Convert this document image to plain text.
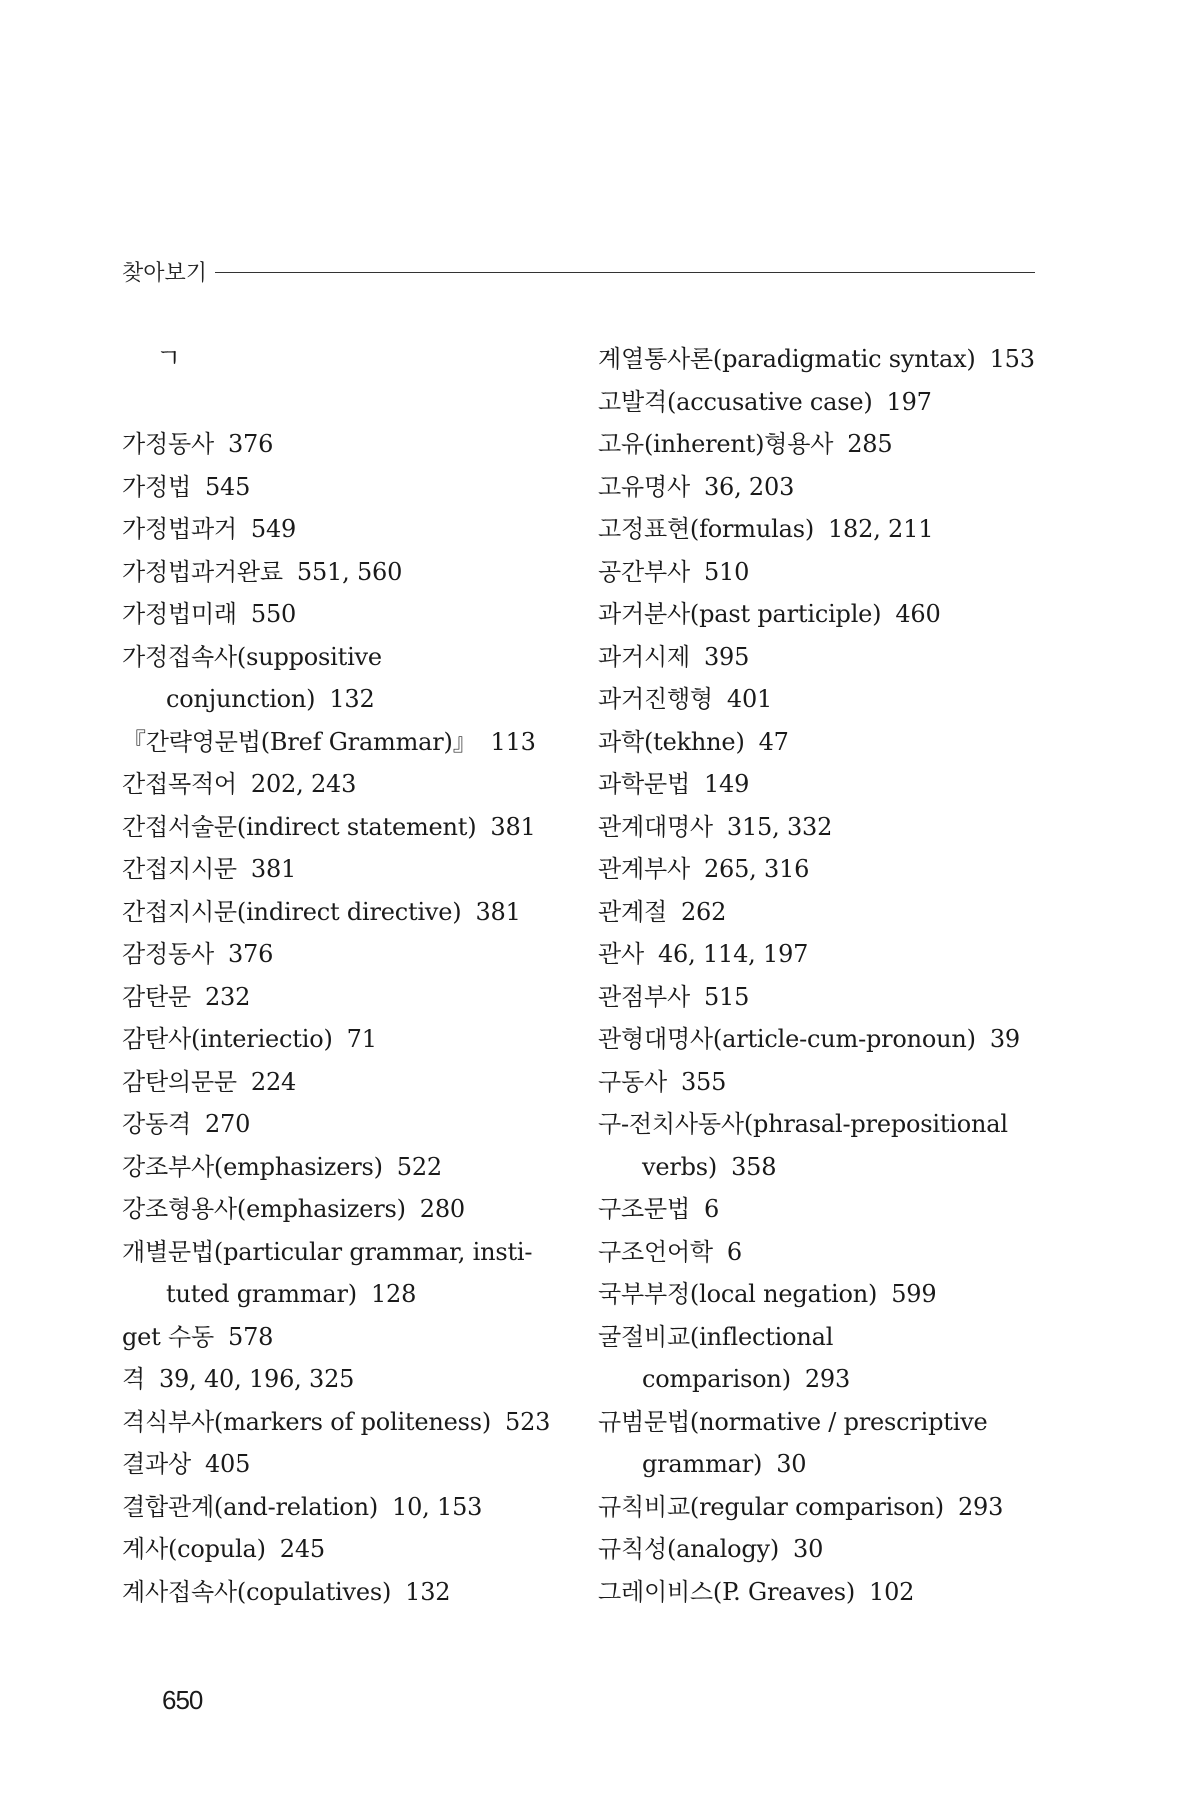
찾아보기
ㄱ
가정동사 376
가정법 545
가정법과거 549
가정법과거완료 551, 560
가정법미래 550
가정접속사(suppositive conjunction) 132
『간략영문법(Bref Grammar)』 113
간접목적어 202, 243
간접서술문(indirect statement) 381
간접지시문 381
간접지시문(indirect directive) 381
감정동사 376
감탄문 232
감탄사(interiectio) 71
감탄의문문 224
강동격 270
강조부사(emphasizers) 522
강조형용사(emphasizers) 280
개별문법(particular grammar, insti- tuted grammar) 128
get 수동 578
격 39, 40, 196, 325
격식부사(markers of politeness) 523
결과상 405
결합관계(and-relation) 10, 153
계사(copula) 245
계사접속사(copulatives) 132
계열통사론(paradigmatic syntax) 153
고발격(accusative case) 197
고유(inherent)형용사 285
고유명사 36, 203
고정표현(formulas) 182, 211
공간부사 510
과거분사(past participle) 460
과거시제 395
과거진행형 401
과학(tekhne) 47
과학문법 149
관계대명사 315, 332
관계부사 265, 316
관계절 262
관사 46, 114, 197
관점부사 515
관형대명사(article-cum-pronoun) 39
구동사 355
구-전치사동사(phrasal-prepositional verbs) 358
구조문법 6
구조언어학 6
국부부정(local negation) 599
굴절비교(inflectional comparison) 293
규범문법(normative / prescriptive grammar) 30
규칙비교(regular comparison) 293
규칙성(analogy) 30
그레이비스(P. Greaves) 102
650
